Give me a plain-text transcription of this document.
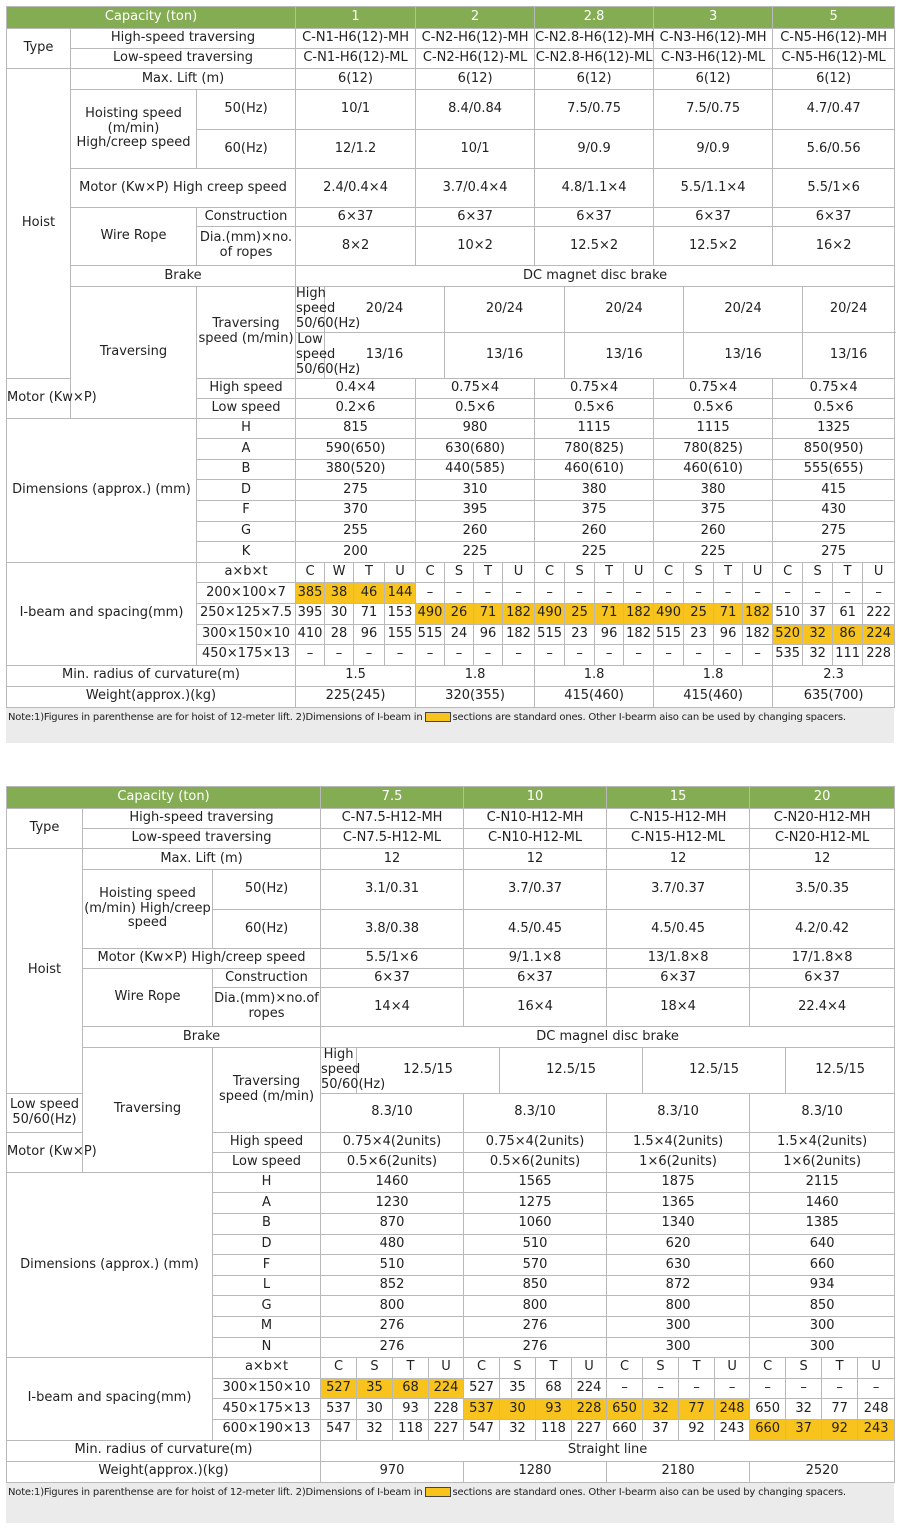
Capacity (ton)			1				2				2.8				3				5			
Type	High-speed traversing		C-N1-H6(12)-MH				C-N2-H6(12)-MH				C-N2.8-H6(12)-MH				C-N3-H6(12)-MH				C-N5-H6(12)-MH			
	Low-speed traversing		C-N1-H6(12)-ML				C-N2-H6(12)-ML				C-N2.8-H6(12)-ML				C-N3-H6(12)-ML				C-N5-H6(12)-ML			
Hoist	Max. Lift (m)		6(12)				6(12)				6(12)				6(12)				6(12)			
	Hoisting speed (m/min) High/creep speed	50(Hz)	10/1				8.4/0.84				7.5/0.75				7.5/0.75				4.7/0.47			
		60(Hz)	12/1.2				10/1				9/0.9				9/0.9				5.6/0.56			
	Motor (Kw×P) High creep speed		2.4/0.4×4				3.7/0.4×4				4.8/1.1×4				5.5/1.1×4				5.5/1×6			
	Wire Rope	Construction	6×37				6×37				6×37				6×37				6×37			
		Dia.(mm)×no. of ropes	8×2				10×2				12.5×2				12.5×2				16×2			
	Brake		DC magnet disc brake																			
	Traversing	Traversing speed (m/min)	High speed 50/60(Hz)	20/24				20/24				20/24				20/24				20/24		
			Low speed 50/60(Hz)	13/16				13/16				13/16				13/16				13/16		
Motor (Kw×P)		High speed	0.4×4				0.75×4				0.75×4				0.75×4				0.75×4			
		Low speed	0.2×6				0.5×6				0.5×6				0.5×6				0.5×6			
Dimensions (approx.) (mm)		H	815				980				1115				1115				1325			
		A	590(650)				630(680)				780(825)				780(825)				850(950)			
		B	380(520)				440(585)				460(610)				460(610)				555(655)			
		D	275				310				380				380				415			
		F	370				395				375				375				430			
		G	255				260				260				260				275			
		K	200				225				225				225				275			
I-beam and spacing(mm)		a×b×t	C	W	T	U	C	S	T	U	C	S	T	U	C	S	T	U	C	S	T	U
		200×100×7	385	38	46	144	–	–	–	–	–	–	–	–	–	–	–	–	–	–	–	–
		250×125×7.5	395	30	71	153	490	26	71	182	490	25	71	182	490	25	71	182	510	37	61	222
		300×150×10	410	28	96	155	515	24	96	182	515	23	96	182	515	23	96	182	520	32	86	224
		450×175×13	–	–	–	–	–	–	–	–	–	–	–	–	–	–	–	–	535	32	111	228
Min. radius of curvature(m)			1.5				1.8				1.8				1.8				2.3			
Weight(approx.)(kg)			225(245)				320(355)				415(460)				415(460)				635(700)			
Note:1)Figures in parenthense are for hoist of 12-meter lift. 2)Dimensions of I-beam in	sections are standard ones. Other I-bearm aiso can be used by changing spacers.
Capacity (ton)			7.5				10				15				20			
Type	High-speed traversing		C-N7.5-H12-MH				C-N10-H12-MH				C-N15-H12-MH				C-N20-H12-MH			
	Low-speed traversing		C-N7.5-H12-ML				C-N10-H12-ML				C-N15-H12-ML				C-N20-H12-ML			
Hoist	Max. Lift (m)		12				12				12				12			
	Hoisting speed (m/min) High/creep speed	50(Hz)	3.1/0.31				3.7/0.37				3.7/0.37				3.5/0.35			
		60(Hz)	3.8/0.38				4.5/0.45				4.5/0.45				4.2/0.42			
	Motor (Kw×P) High/creep speed		5.5/1×6				9/1.1×8				13/1.8×8				17/1.8×8			
	Wire Rope	Construction	6×37				6×37				6×37				6×37			
		Dia.(mm)×no.of ropes	14×4				16×4				18×4				22.4×4			
	Brake		DC magnel disc brake															
	Traversing	Traversing speed (m/min)	High speed 50/60(Hz)	12.5/15				12.5/15				12.5/15				12.5/15		
Low speed 50/60(Hz)			8.3/10				8.3/10				8.3/10				8.3/10			
Motor (Kw×P)		High speed	0.75×4(2units)				0.75×4(2units)				1.5×4(2units)				1.5×4(2units)			
		Low speed	0.5×6(2units)				0.5×6(2units)				1×6(2units)				1×6(2units)			
Dimensions (approx.) (mm)		H	1460				1565				1875				2115			
		A	1230				1275				1365				1460			
		B	870				1060				1340				1385			
		D	480				510				620				640			
		F	510				570				630				660			
		L	852				850				872				934			
		G	800				800				800				850			
		M	276				276				300				300			
		N	276				276				300				300			
I-beam and spacing(mm)		a×b×t	C	S	T	U	C	S	T	U	C	S	T	U	C	S	T	U
		300×150×10	527	35	68	224	527	35	68	224	–	–	–	–	–	–	–	–
		450×175×13	537	30	93	228	537	30	93	228	650	32	77	248	650	32	77	248
		600×190×13	547	32	118	227	547	32	118	227	660	37	92	243	660	37	92	243
Min. radius of curvature(m)			Straight line															
Weight(approx.)(kg)			970				1280				2180				2520			
Note:1)Figures in parenthense are for hoist of 12-meter lift. 2)Dimensions of I-beam in	sections are standard ones. Other I-bearm aiso can be used by changing spacers.
